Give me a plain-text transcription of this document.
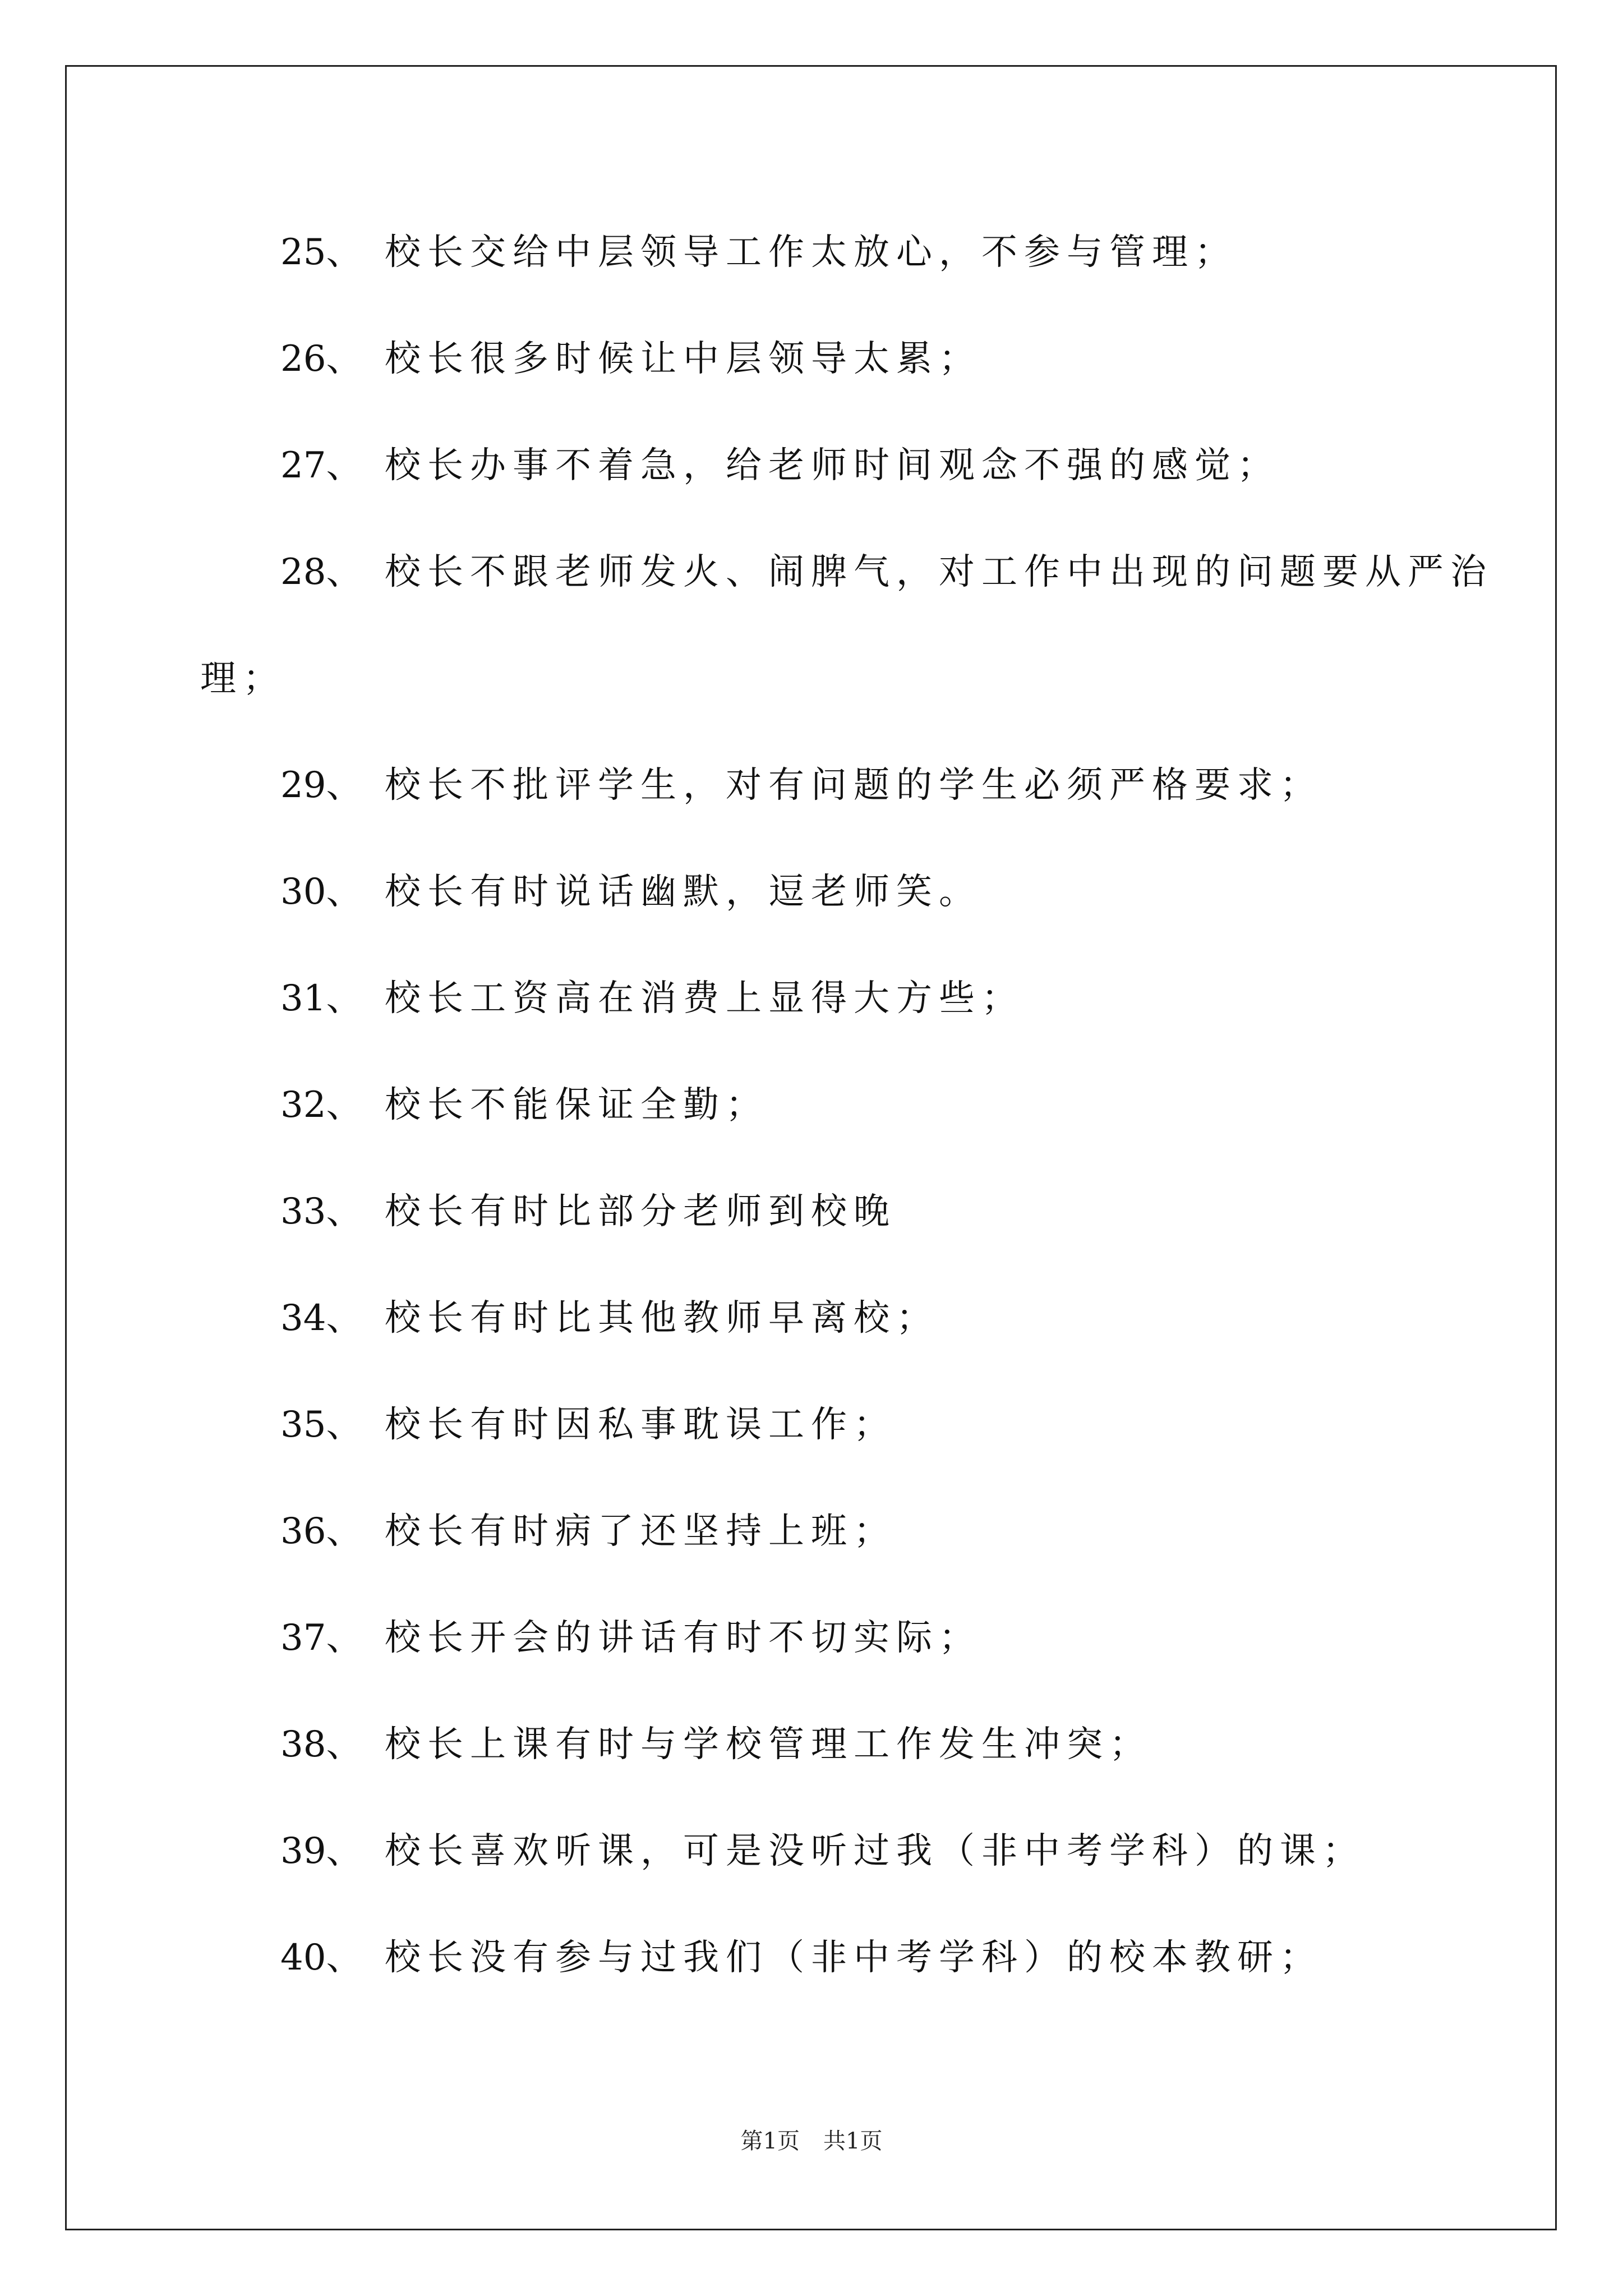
25、 校长交给中层领导工作太放心，不参与管理；
26、 校长很多时候让中层领导太累；
27、 校长办事不着急，给老师时间观念不强的感觉；
28、 校长不跟老师发火、闹脾气，对工作中出现的问题要从严治
理；
29、 校长不批评学生，对有问题的学生必须严格要求；
30、 校长有时说话幽默，逗老师笑。
31、 校长工资高在消费上显得大方些；
32、 校长不能保证全勤；
33、 校长有时比部分老师到校晚
34、 校长有时比其他教师早离校；
35、 校长有时因私事耽误工作；
36、 校长有时病了还坚持上班；
37、 校长开会的讲话有时不切实际；
38、 校长上课有时与学校管理工作发生冲突；
39、 校长喜欢听课，可是没听过我（非中考学科）的课；
40、 校长没有参与过我们（非中考学科）的校本教研；
第1页 共1页
